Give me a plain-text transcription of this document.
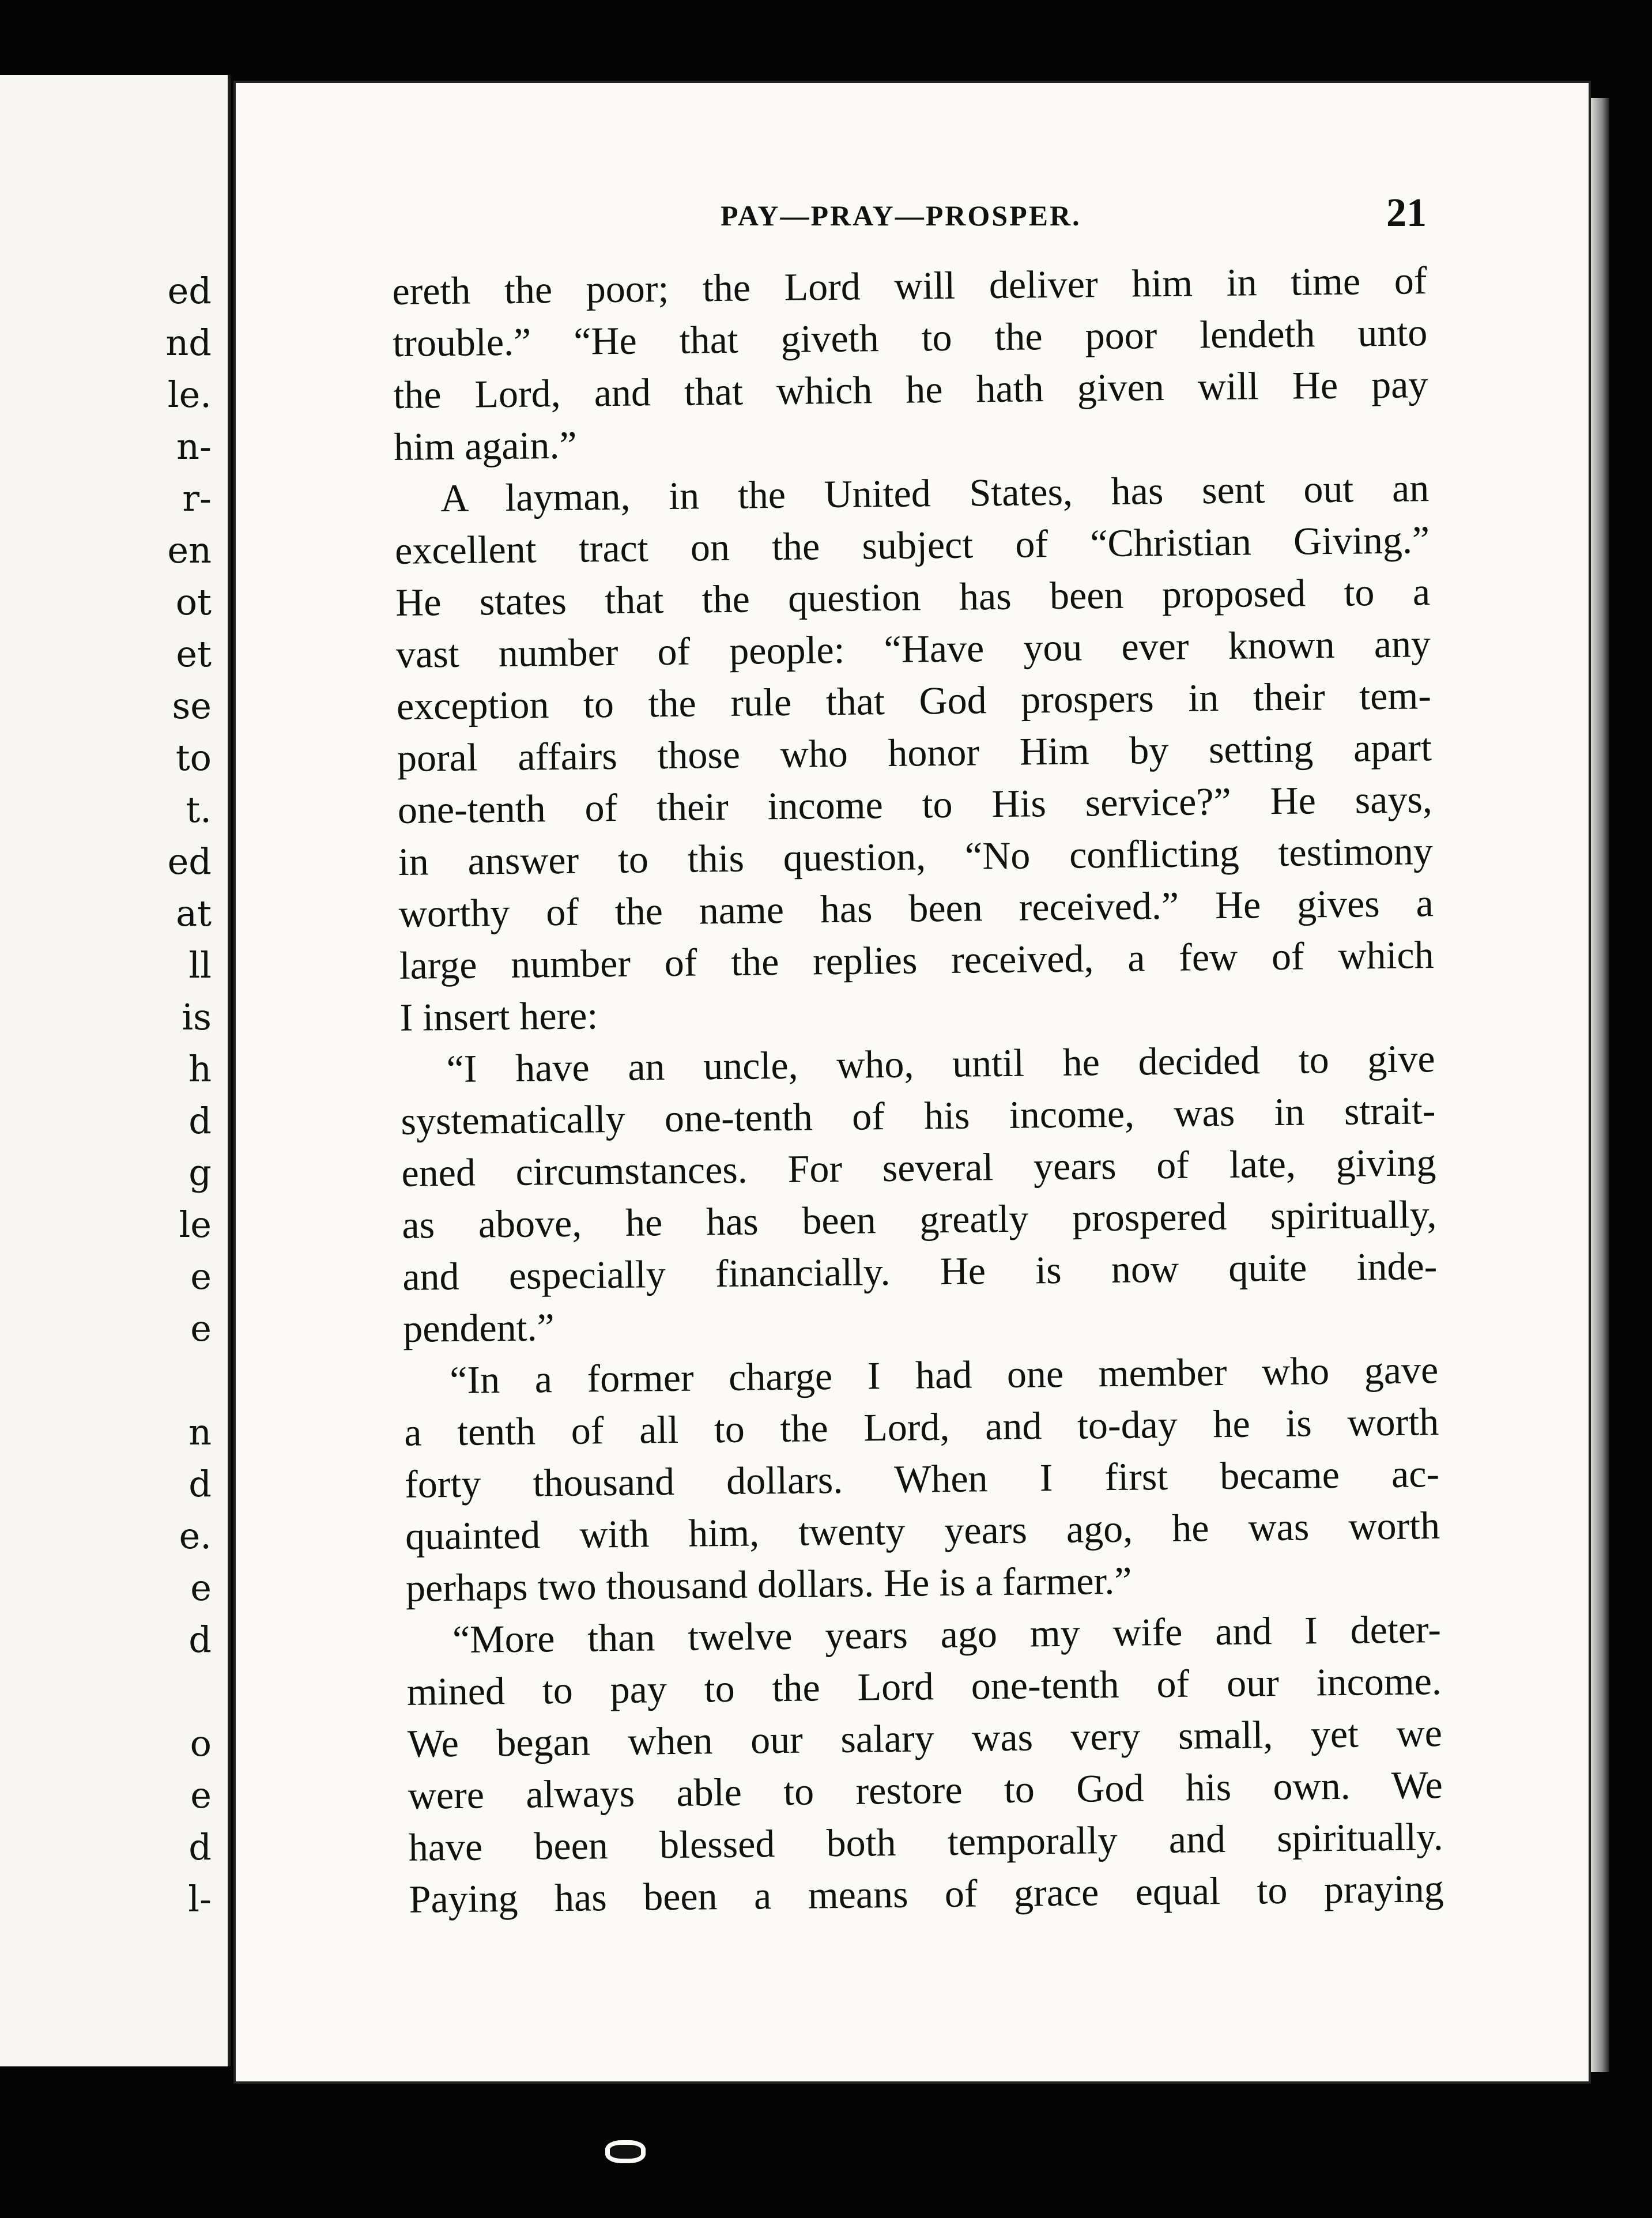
ed
nd
le.
n-
r-
en
ot
et
se
to
t.
ed
at
ll
is
h
d
g
le
e
e
n
d
e.
e
d
o
e
d
l-
PAY—PRAY—PROSPER.	21
ereth the poor; the Lord will deliver him in time of
trouble.” “He that giveth to the poor lendeth unto
the Lord, and that which he hath given will He pay
him again.”
A layman, in the United States, has sent out an
excellent tract on the subject of “Christian Giving.”
He states that the question has been proposed to a
vast number of people: “Have you ever known any
exception to the rule that God prospers in their tem-
poral affairs those who honor Him by setting apart
one-tenth of their income to His service?” He says,
in answer to this question, “No conflicting testimony
worthy of the name has been received.” He gives a
large number of the replies received, a few of which
I insert here:
“I have an uncle, who, until he decided to give
systematically one-tenth of his income, was in strait-
ened circumstances. For several years of late, giving
as above, he has been greatly prospered spiritually,
and especially financially. He is now quite inde-
pendent.”
“In a former charge I had one member who gave
a tenth of all to the Lord, and to-day he is worth
forty thousand dollars. When I first became ac-
quainted with him, twenty years ago, he was worth
perhaps two thousand dollars. He is a farmer.”
“More than twelve years ago my wife and I deter-
mined to pay to the Lord one-tenth of our income.
We began when our salary was very small, yet we
were always able to restore to God his own. We
have been blessed both temporally and spiritually.
Paying has been a means of grace equal to praying
